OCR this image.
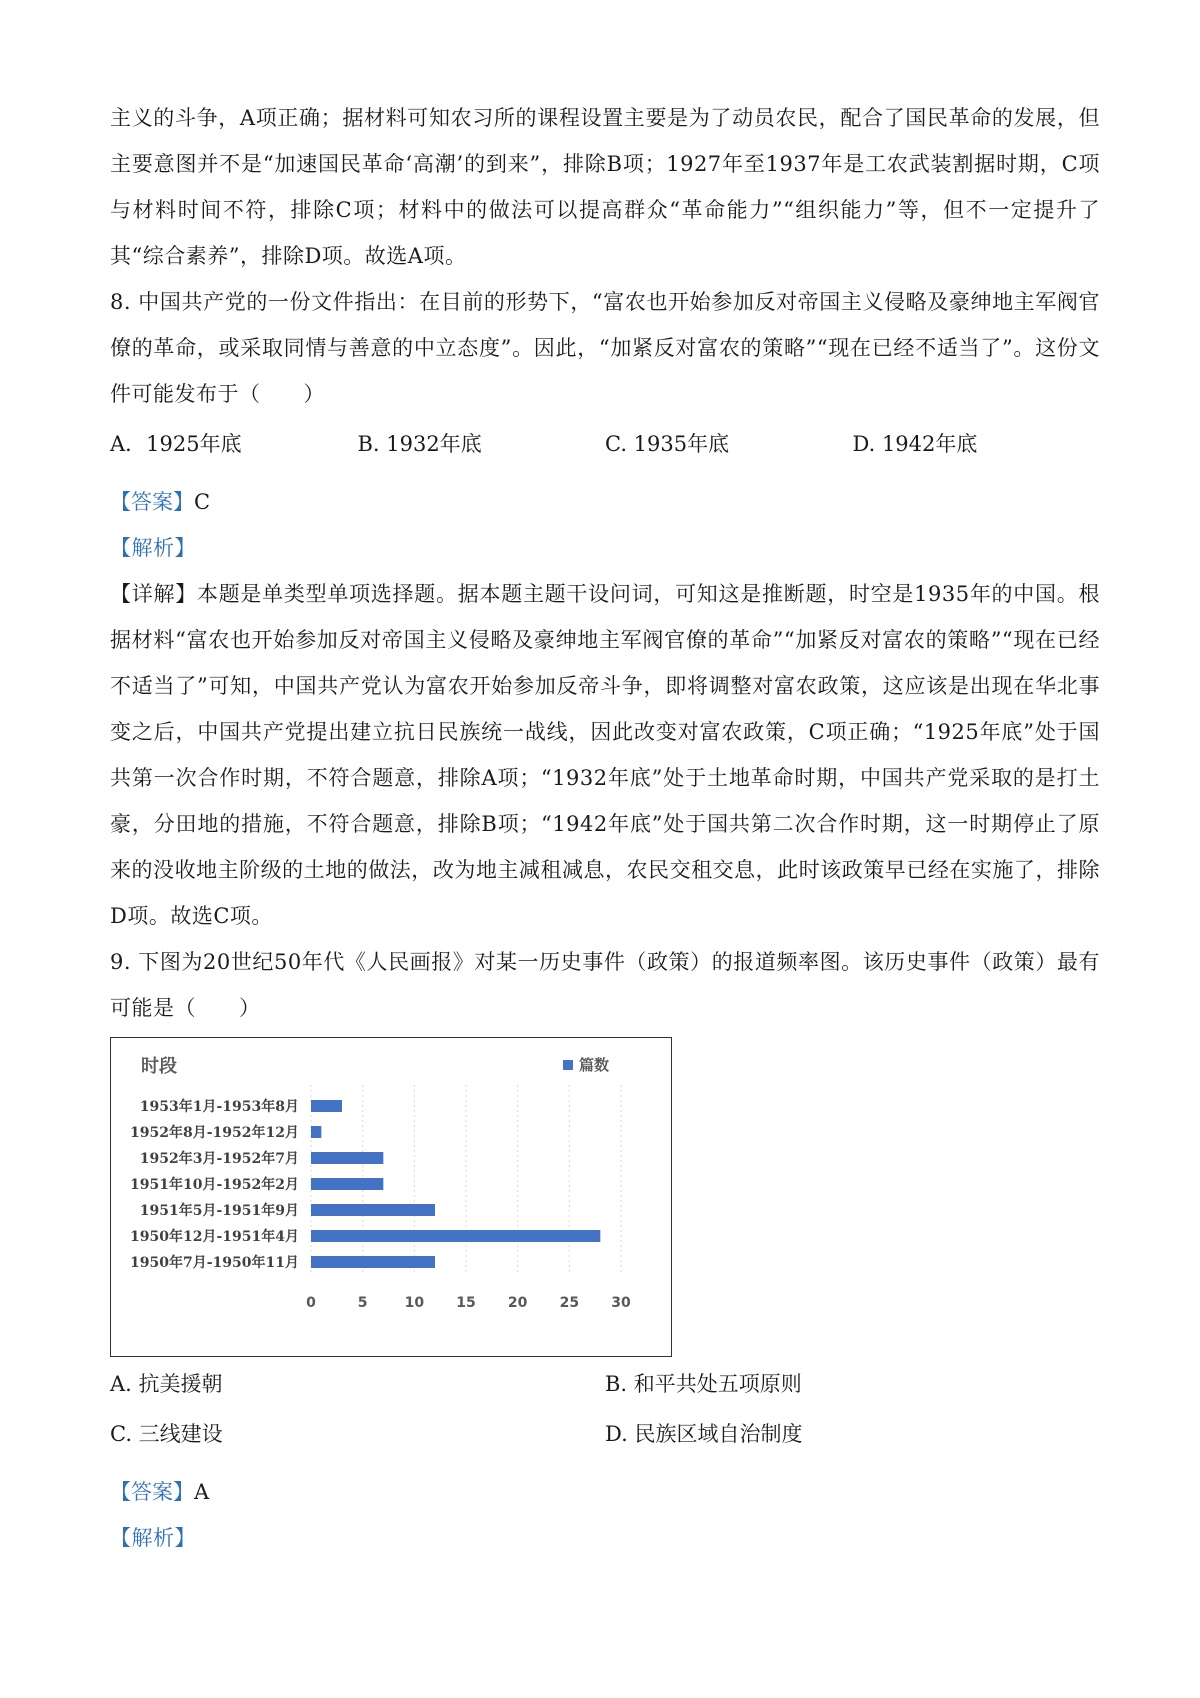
主义的斗争，A项正确；据材料可知农习所的课程设置主要是为了动员农民，配合了国民革命的发展，但主要意图并不是“加速国民革命‘高潮’的到来”，排除B项；1927年至1937年是工农武装割据时期，C项与材料时间不符，排除C项；材料中的做法可以提高群众“革命能力”“组织能力”等，但不一定提升了其“综合素养”，排除D项。故选A项。

8. 中国共产党的一份文件指出：在目前的形势下，“富农也开始参加反对帝国主义侵略及豪绅地主军阀官僚的革命，或采取同情与善意的中立态度”。因此，“加紧反对富农的策略”“现在已经不适当了”。这份文件可能发布于（　　）

A．1925年底	B. 1932年底	C. 1935年底	D. 1942年底
【答案】C
【解析】

【详解】本题是单类型单项选择题。据本题主题干设问词，可知这是推断题，时空是1935年的中国。根据材料“富农也开始参加反对帝国主义侵略及豪绅地主军阀官僚的革命”“加紧反对富农的策略”“现在已经不适当了”可知，中国共产党认为富农开始参加反帝斗争，即将调整对富农政策，这应该是出现在华北事变之后，中国共产党提出建立抗日民族统一战线，因此改变对富农政策，C项正确；“1925年底”处于国共第一次合作时期，不符合题意，排除A项；“1932年底”处于土地革命时期，中国共产党采取的是打土豪，分田地的措施，不符合题意，排除B项；“1942年底”处于国共第二次合作时期，这一时期停止了原来的没收地主阶级的土地的做法，改为地主减租减息，农民交租交息，此时该政策早已经在实施了，排除D项。故选C项。

9. 下图为20世纪50年代《人民画报》对某一历史事件（政策）的报道频率图。该历史事件（政策）最有可能是（　　）

时段	篇数
0	5	10 15 20 25 30
1953年1月-1953年8月
1952年8月-1952年12月
1952年3月-1952年7月
1951年10月-1952年2月
1951年5月-1951年9月
1950年12月-1951年4月
1950年7月-1950年11月
A. 抗美援朝	B. 和平共处五项原则
C. 三线建设	D. 民族区域自治制度
【答案】A
【解析】
